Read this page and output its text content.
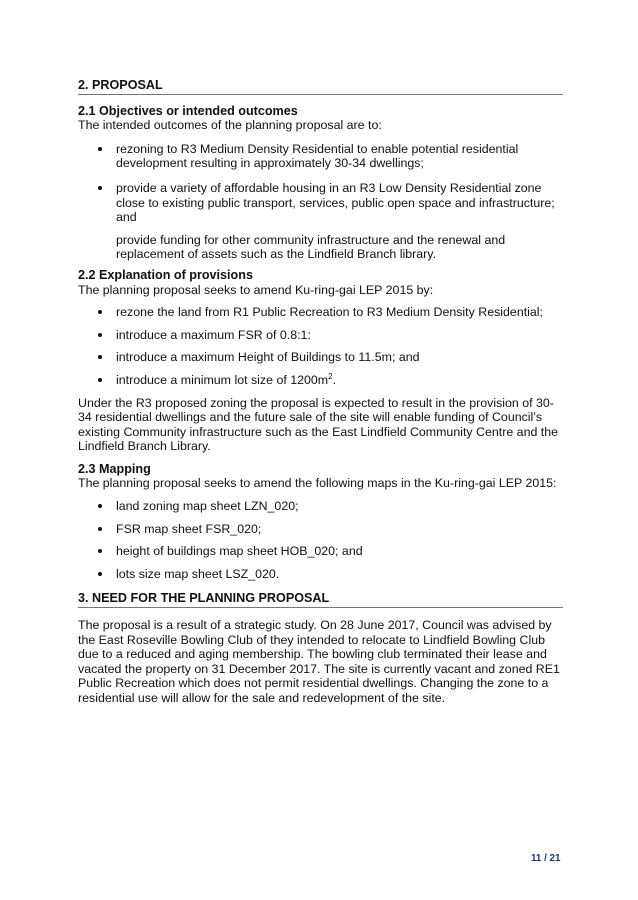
2. PROPOSAL
2.1 Objectives or intended outcomes

The intended outcomes of the planning proposal are to:

rezoning to R3 Medium Density Residential to enable potential residential development resulting in approximately 30-34 dwellings;
provide a variety of affordable housing in an R3 Low Density Residential zone close to existing public transport, services, public open space and infrastructure; and

provide funding for other community infrastructure and the renewal and replacement of assets such as the Lindfield Branch library.

2.2 Explanation of provisions

The planning proposal seeks to amend Ku-ring-gai LEP 2015 by:

rezone the land from R1 Public Recreation to R3 Medium Density Residential;
introduce a maximum FSR of 0.8:1:
introduce a maximum Height of Buildings to 11.5m; and
introduce a minimum lot size of $1200m^2$.

Under the R3 proposed zoning the proposal is expected to result in the provision of 30-34 residential dwellings and the future sale of the site will enable funding of Council’s existing Community infrastructure such as the East Lindfield Community Centre and the Lindfield Branch Library.

2.3 Mapping

The planning proposal seeks to amend the following maps in the Ku-ring-gai LEP 2015:

land zoning map sheet LZN_020;
FSR map sheet FSR_020;
height of buildings map sheet HOB_020; and
lots size map sheet LSZ_020.
3. NEED FOR THE PLANNING PROPOSAL

The proposal is a result of a strategic study. On 28 June 2017, Council was advised by the East Roseville Bowling Club of they intended to relocate to Lindfield Bowling Club due to a reduced and aging membership. The bowling club terminated their lease and vacated the property on 31 December 2017. The site is currently vacant and zoned RE1 Public Recreation which does not permit residential dwellings. Changing the zone to a residential use will allow for the sale and redevelopment of the site.

11 / 21
